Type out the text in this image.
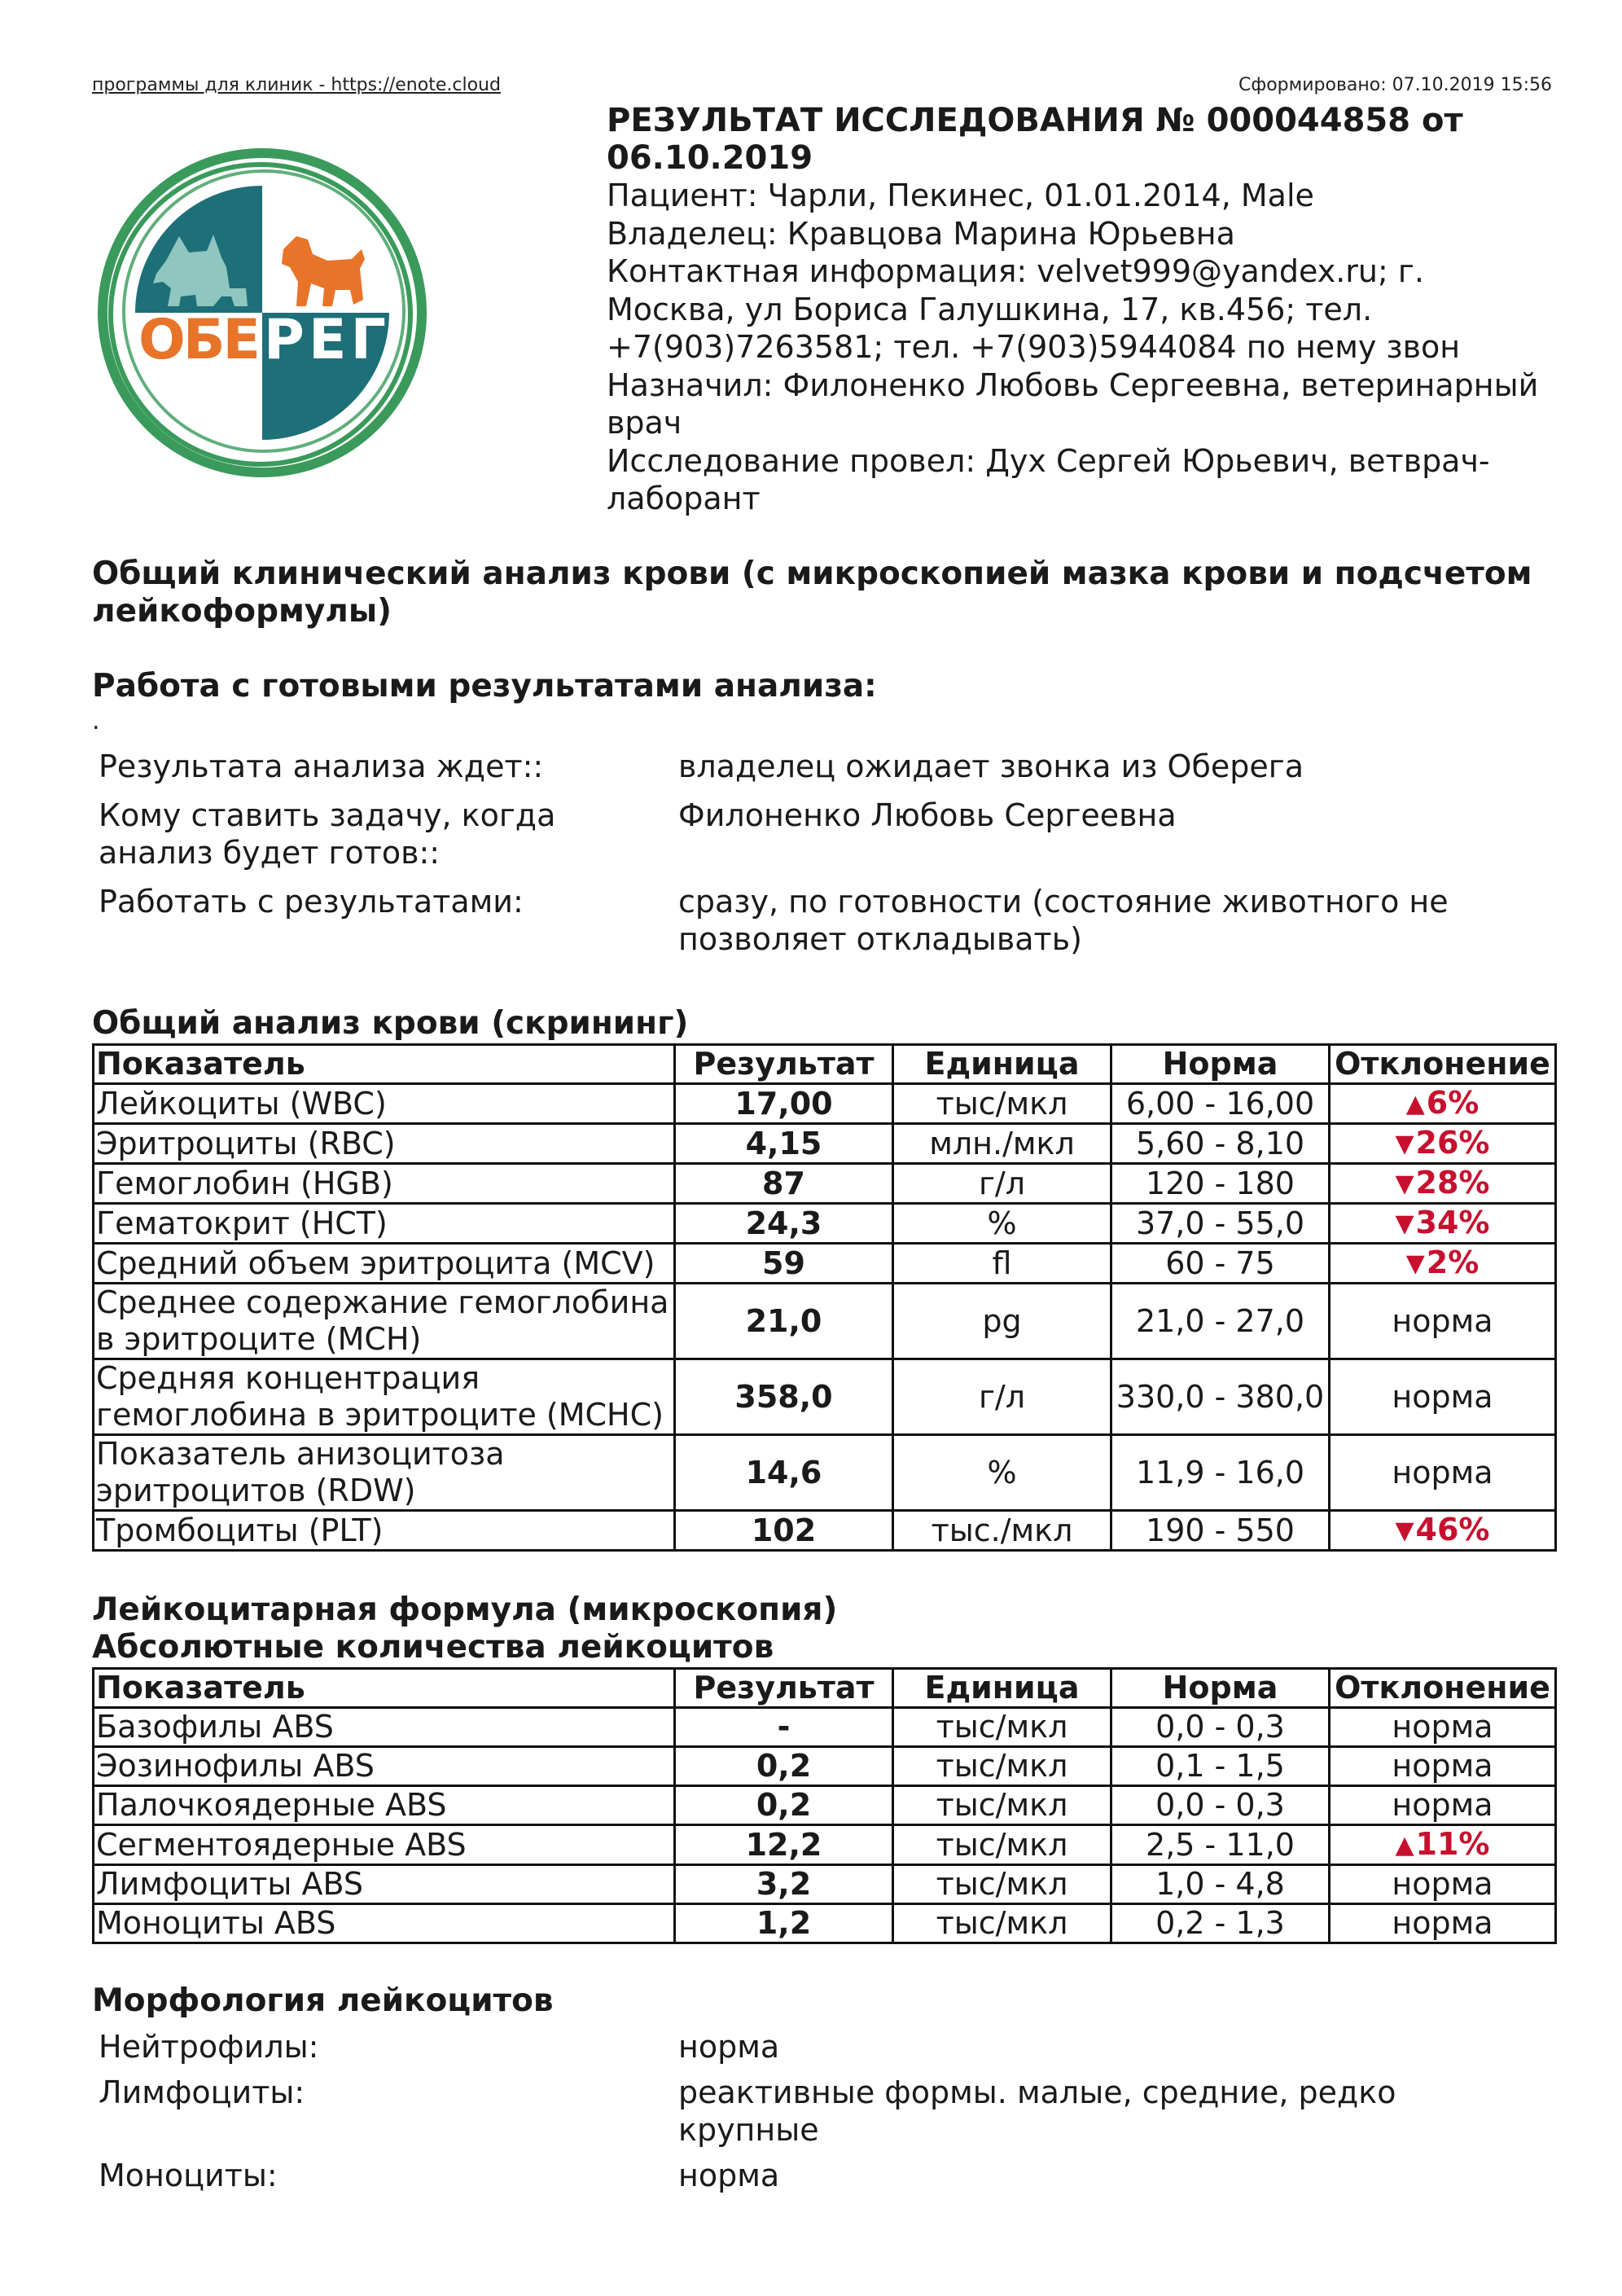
программы для клиник - https://enote.cloud	Сформировано: 07.10.2019 15:56
ОБЕ РЕГ
РЕЗУЛЬТАТ ИССЛЕДОВАНИЯ № 000044858 от 06.10.2019
Пациент: Чарли, Пекинес, 01.01.2014, Male
Владелец: Кравцова Марина Юрьевна
Контактная информация: velvet999@yandex.ru; г. Москва, ул Бориса Галушкина, 17, кв.456; тел. +7(903)7263581; тел. +7(903)5944084 по нему звон
Назначил: Филоненко Любовь Сергеевна, ветеринарный врач
Исследование провел: Дух Сергей Юрьевич, ветврач-лаборант
Общий клинический анализ крови (с микроскопией мазка крови и подсчетом лейкоформулы)
Работа с готовыми результатами анализа:
.
Результата анализа ждет::	владелец ожидает звонка из Оберега
Кому ставить задачу, когда анализ будет готов::
Филоненко Любовь Сергеевна
Работать с результатами:	сразу, по готовности (состояние животного не позволяет откладывать)
Общий анализ крови (скрининг)
Показатель	Результат	Единица	Норма	Отклонение
Лейкоциты (WBC)	17,00	тыс/мкл	6,00 - 16,00	▲6%
Эритроциты (RBC)	4,15	млн./мкл	5,60 - 8,10	▼26%
Гемоглобин (HGB)	87	г/л	120 - 180	▼28%
Гематокрит (HCT)	24,3	%	37,0 - 55,0	▼34%
Средний объем эритроцита (MCV)	59	fl	60 - 75	▼2%
Среднее содержание гемоглобина в эритроците (MCH)	21,0	pg	21,0 - 27,0	норма
Средняя концентрация гемоглобина в эритроците (MCHC)	358,0	г/л	330,0 - 380,0	норма
Показатель анизоцитоза эритроцитов (RDW)	14,6	%	11,9 - 16,0	норма
Тромбоциты (PLT)	102	тыс./мкл	190 - 550	▼46%
Лейкоцитарная формула (микроскопия)
Абсолютные количества лейкоцитов
Показатель	Результат	Единица	Норма	Отклонение
Базофилы ABS	-	тыс/мкл	0,0 - 0,3	норма
Эозинофилы ABS	0,2	тыс/мкл	0,1 - 1,5	норма
Палочкоядерные ABS	0,2	тыс/мкл	0,0 - 0,3	норма
Сегментоядерные ABS	12,2	тыс/мкл	2,5 - 11,0	▲11%
Лимфоциты ABS	3,2	тыс/мкл	1,0 - 4,8	норма
Моноциты ABS	1,2	тыс/мкл	0,2 - 1,3	норма
Морфология лейкоцитов
Нейтрофилы:	норма
Лимфоциты:	реактивные формы. малые, средние, редко крупные
Моноциты:	норма
